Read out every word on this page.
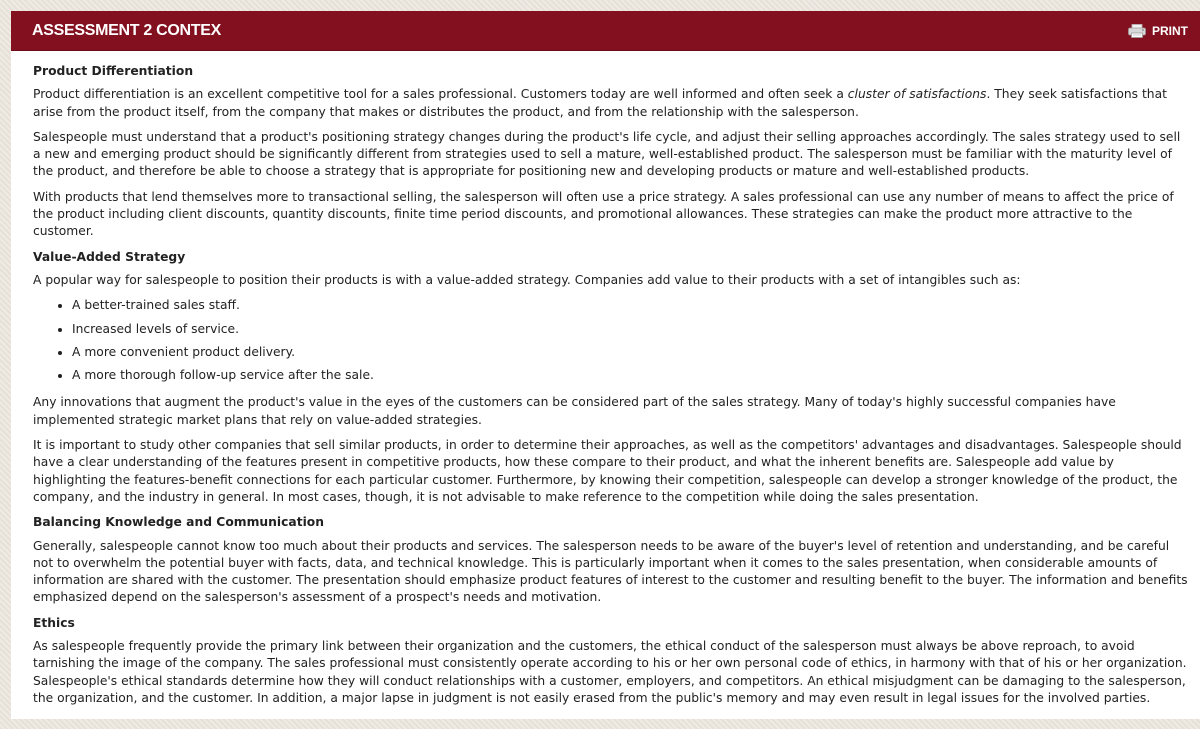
ASSESSMENT 2 CONTEX	PRINT
Product Differentiation

Product differentiation is an excellent competitive tool for a sales professional. Customers today are well informed and often seek a cluster of satisfactions. They seek satisfactions that arise from the product itself, from the company that makes or distributes the product, and from the relationship with the salesperson.

Salespeople must understand that a product's positioning strategy changes during the product's life cycle, and adjust their selling approaches accordingly. The sales strategy used to sell a new and emerging product should be significantly different from strategies used to sell a mature, well-established product. The salesperson must be familiar with the maturity level of the product, and therefore be able to choose a strategy that is appropriate for positioning new and developing products or mature and well-established products.

With products that lend themselves more to transactional selling, the salesperson will often use a price strategy. A sales professional can use any number of means to affect the price of the product including client discounts, quantity discounts, finite time period discounts, and promotional allowances. These strategies can make the product more attractive to the customer.

Value-Added Strategy

A popular way for salespeople to position their products is with a value-added strategy. Companies add value to their products with a set of intangibles such as:

• A better-trained sales staff.
• Increased levels of service.
• A more convenient product delivery.
• A more thorough follow-up service after the sale.

Any innovations that augment the product's value in the eyes of the customers can be considered part of the sales strategy. Many of today's highly successful companies have implemented strategic market plans that rely on value-added strategies.

It is important to study other companies that sell similar products, in order to determine their approaches, as well as the competitors' advantages and disadvantages. Salespeople should have a clear understanding of the features present in competitive products, how these compare to their product, and what the inherent benefits are. Salespeople add value by highlighting the features-benefit connections for each particular customer. Furthermore, by knowing their competition, salespeople can develop a stronger knowledge of the product, the company, and the industry in general. In most cases, though, it is not advisable to make reference to the competition while doing the sales presentation.

Balancing Knowledge and Communication

Generally, salespeople cannot know too much about their products and services. The salesperson needs to be aware of the buyer's level of retention and understanding, and be careful not to overwhelm the potential buyer with facts, data, and technical knowledge. This is particularly important when it comes to the sales presentation, when considerable amounts of information are shared with the customer. The presentation should emphasize product features of interest to the customer and resulting benefit to the buyer. The information and benefits emphasized depend on the salesperson's assessment of a prospect's needs and motivation.

Ethics

As salespeople frequently provide the primary link between their organization and the customers, the ethical conduct of the salesperson must always be above reproach, to avoid tarnishing the image of the company. The sales professional must consistently operate according to his or her own personal code of ethics, in harmony with that of his or her organization. Salespeople's ethical standards determine how they will conduct relationships with a customer, employers, and competitors. An ethical misjudgment can be damaging to the salesperson, the organization, and the customer. In addition, a major lapse in judgment is not easily erased from the public's memory and may even result in legal issues for the involved parties.
